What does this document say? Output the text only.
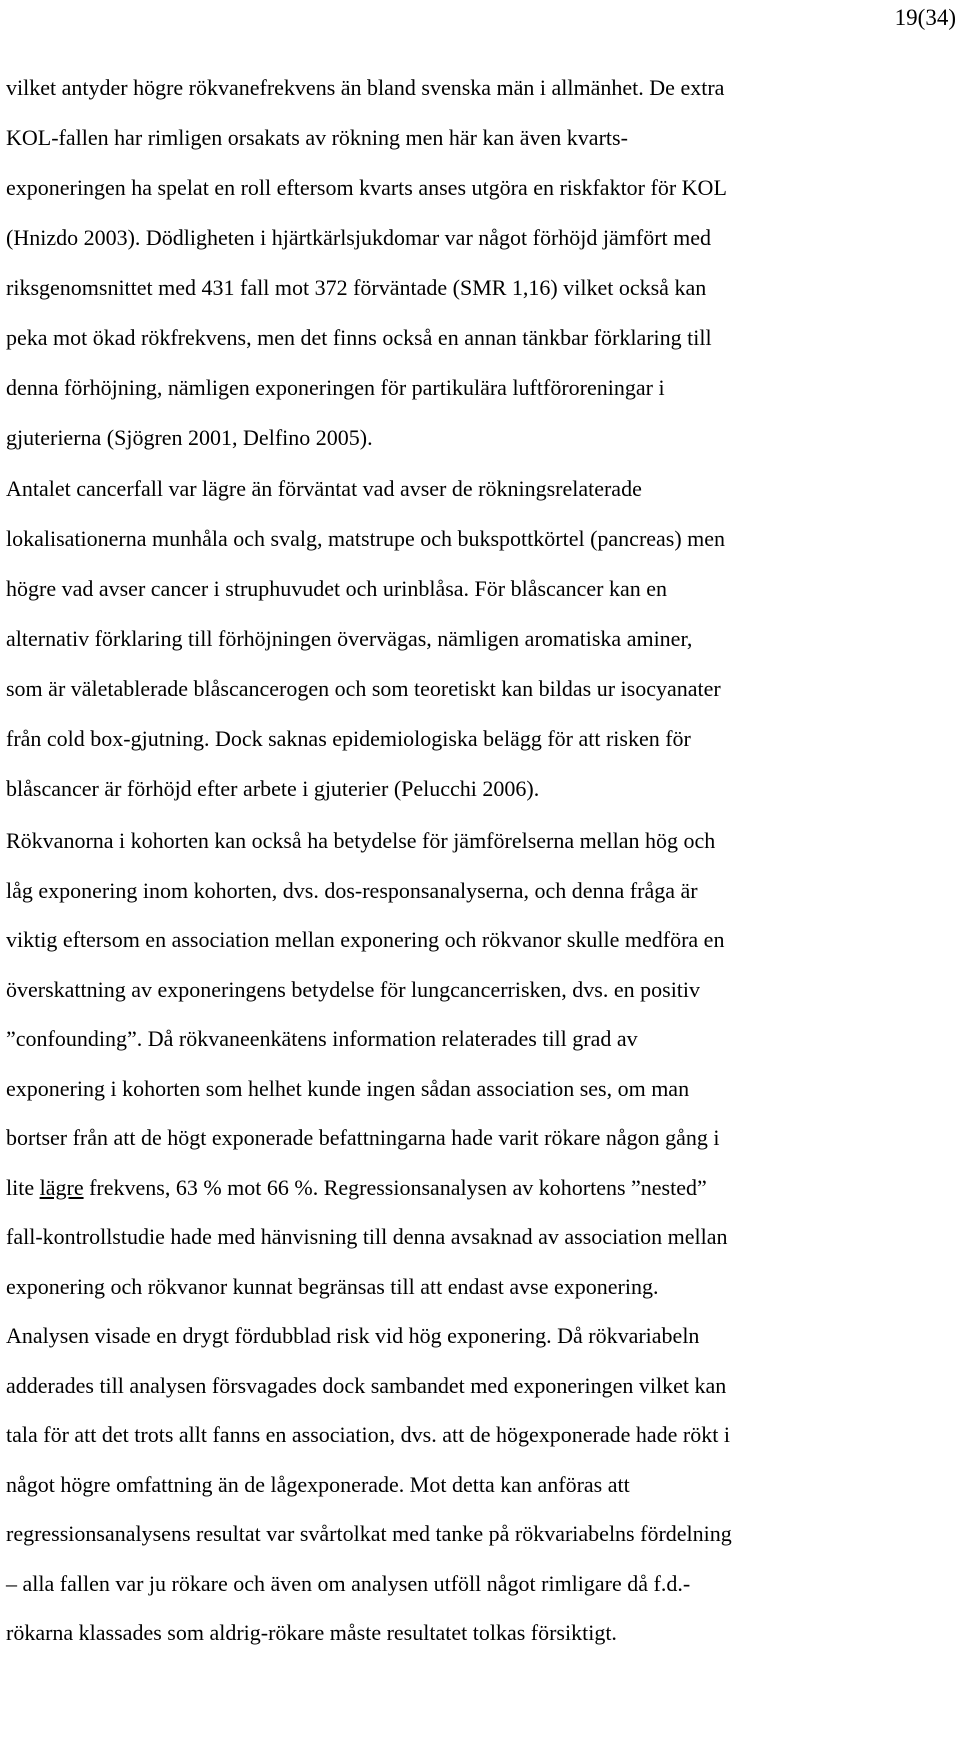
19(34)
vilket antyder högre rökvanefrekvens än bland svenska män i allmänhet. De extra
KOL-fallen har rimligen orsakats av rökning men här kan även kvarts-
exponeringen ha spelat en roll eftersom kvarts anses utgöra en riskfaktor för KOL
(Hnizdo 2003). Dödligheten i hjärtkärlsjukdomar var något förhöjd jämfört med
riksgenomsnittet med 431 fall mot 372 förväntade (SMR 1,16) vilket också kan
peka mot ökad rökfrekvens, men det finns också en annan tänkbar förklaring till
denna förhöjning, nämligen exponeringen för partikulära luftföroreningar i
gjuterierna (Sjögren 2001, Delfino 2005).
Antalet cancerfall var lägre än förväntat vad avser de rökningsrelaterade
lokalisationerna munhåla och svalg, matstrupe och bukspottkörtel (pancreas) men
högre vad avser cancer i struphuvudet och urinblåsa. För blåscancer kan en
alternativ förklaring till förhöjningen övervägas, nämligen aromatiska aminer,
som är väletablerade blåscancerogen och som teoretiskt kan bildas ur isocyanater
från cold box-gjutning. Dock saknas epidemiologiska belägg för att risken för
blåscancer är förhöjd efter arbete i gjuterier (Pelucchi 2006).
Rökvanorna i kohorten kan också ha betydelse för jämförelserna mellan hög och
låg exponering inom kohorten, dvs. dos-responsanalyserna, och denna fråga är
viktig eftersom en association mellan exponering och rökvanor skulle medföra en
överskattning av exponeringens betydelse för lungcancerrisken, dvs. en positiv
”confounding”. Då rökvaneenkätens information relaterades till grad av
exponering i kohorten som helhet kunde ingen sådan association ses, om man
bortser från att de högt exponerade befattningarna hade varit rökare någon gång i
lite lägre frekvens, 63 % mot 66 %. Regressionsanalysen av kohortens ”nested”
fall-kontrollstudie hade med hänvisning till denna avsaknad av association mellan
exponering och rökvanor kunnat begränsas till att endast avse exponering.
Analysen visade en drygt fördubblad risk vid hög exponering. Då rökvariabeln
adderades till analysen försvagades dock sambandet med exponeringen vilket kan
tala för att det trots allt fanns en association, dvs. att de högexponerade hade rökt i
något högre omfattning än de lågexponerade. Mot detta kan anföras att
regressionsanalysens resultat var svårtolkat med tanke på rökvariabelns fördelning
– alla fallen var ju rökare och även om analysen utföll något rimligare då f.d.-
rökarna klassades som aldrig-rökare måste resultatet tolkas försiktigt.
